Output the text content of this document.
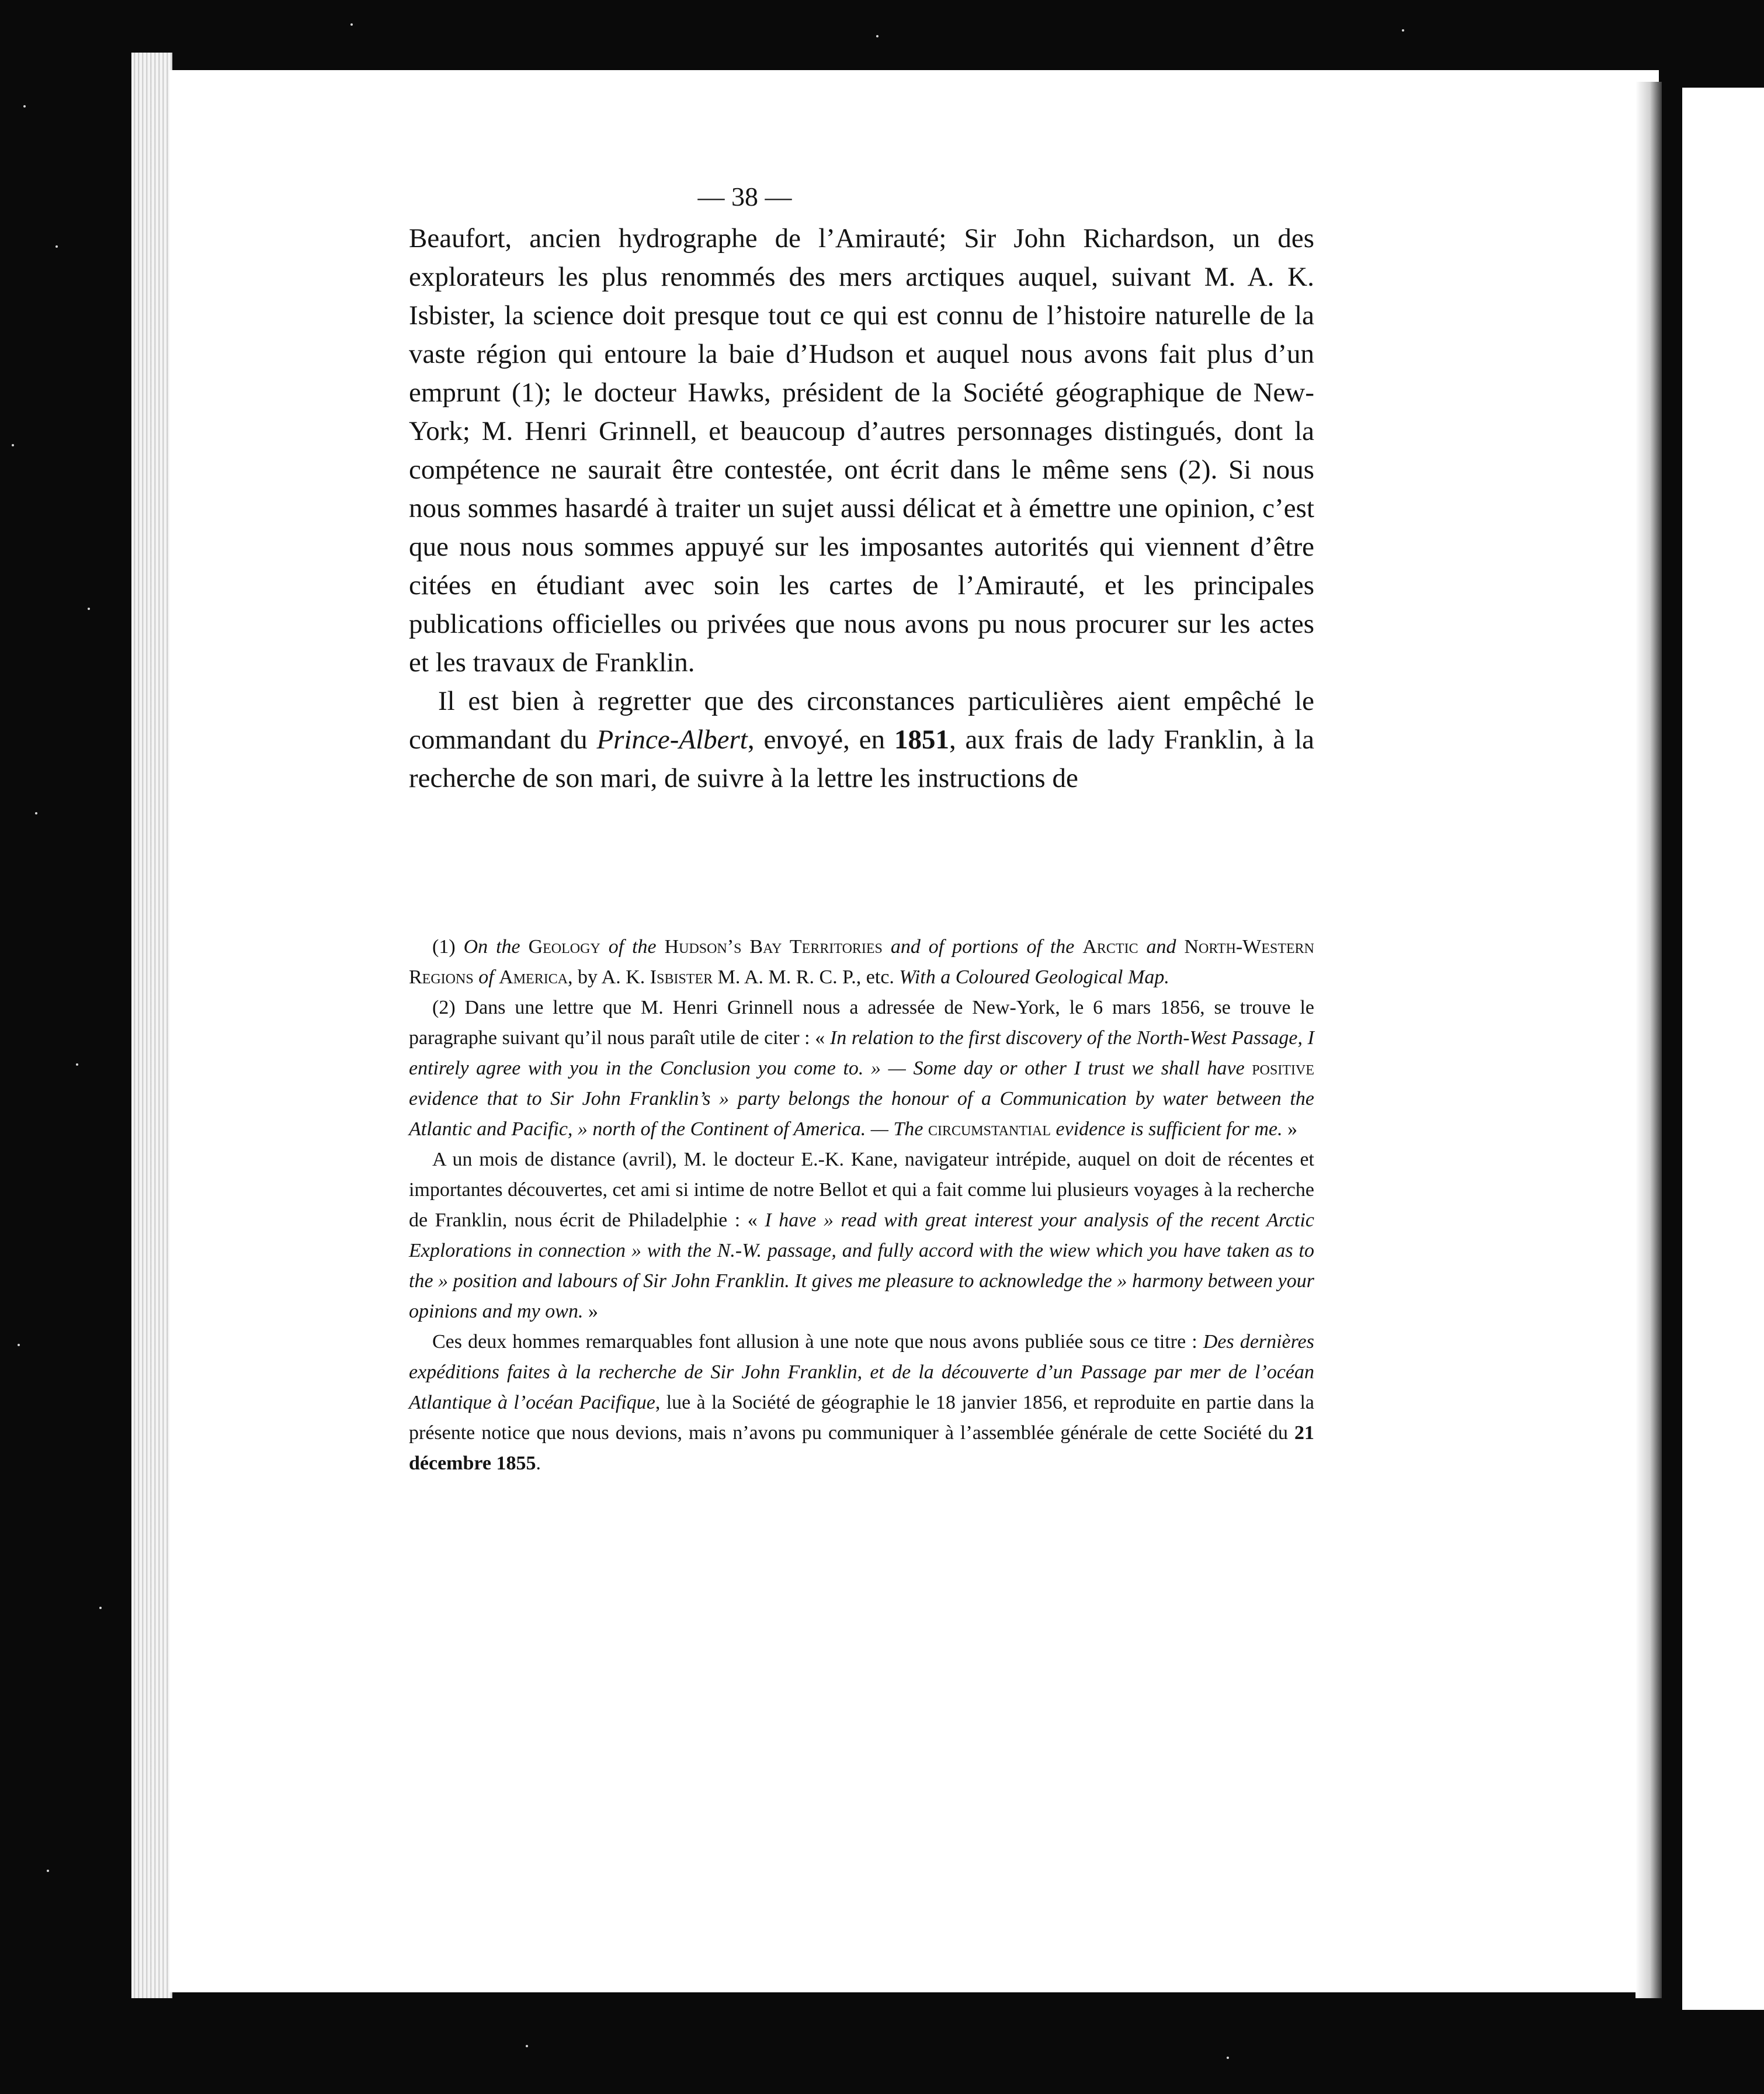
— 38 —

Beaufort, ancien hydrographe de l’Amirauté; Sir John Richardson, un des explorateurs les plus renommés des mers arctiques auquel, suivant M. A. K. Isbister, la science doit presque tout ce qui est connu de l’histoire naturelle de la vaste région qui entoure la baie d’Hudson et auquel nous avons fait plus d’un emprunt (1); le docteur Hawks, président de la Société géographique de New-York; M. Henri Grinnell, et beaucoup d’autres personnages distingués, dont la compétence ne saurait être contestée, ont écrit dans le même sens (2). Si nous nous sommes hasardé à traiter un sujet aussi délicat et à émettre une opinion, c’est que nous nous sommes appuyé sur les imposantes autorités qui viennent d’être citées en étudiant avec soin les cartes de l’Amirauté, et les principales publications officielles ou privées que nous avons pu nous procurer sur les actes et les travaux de Franklin.

Il est bien à regretter que des circonstances particulières aient empêché le commandant du Prince-Albert, envoyé, en 1851, aux frais de lady Franklin, à la recherche de son mari, de suivre à la lettre les instructions de

(1) On the Geology of the Hudson’s Bay Territories and of portions of the Arctic and North-Western Regions of America, by A. K. Isbister M. A. M. R. C. P., etc. With a Coloured Geological Map.

(2) Dans une lettre que M. Henri Grinnell nous a adressée de New-York, le 6 mars 1856, se trouve le paragraphe suivant qu’il nous paraît utile de citer : « In relation to the first discovery of the North-West Passage, I entirely agree with you in the Conclusion you come to. » — Some day or other I trust we shall have positive evidence that to Sir John Franklin’s » party belongs the honour of a Communication by water between the Atlantic and Pacific, » north of the Continent of America. — The circumstantial evidence is sufficient for me. »

A un mois de distance (avril), M. le docteur E.-K. Kane, navigateur intrépide, auquel on doit de récentes et importantes découvertes, cet ami si intime de notre Bellot et qui a fait comme lui plusieurs voyages à la recherche de Franklin, nous écrit de Philadelphie : « I have » read with great interest your analysis of the recent Arctic Explorations in connection » with the N.-W. passage, and fully accord with the wiew which you have taken as to the » position and labours of Sir John Franklin. It gives me pleasure to acknowledge the » harmony between your opinions and my own. »

Ces deux hommes remarquables font allusion à une note que nous avons publiée sous ce titre : Des dernières expéditions faites à la recherche de Sir John Franklin, et de la découverte d’un Passage par mer de l’océan Atlantique à l’océan Pacifique, lue à la Société de géographie le 18 janvier 1856, et reproduite en partie dans la présente notice que nous devions, mais n’avons pu communiquer à l’assemblée générale de cette Société du 21 décembre 1855.
